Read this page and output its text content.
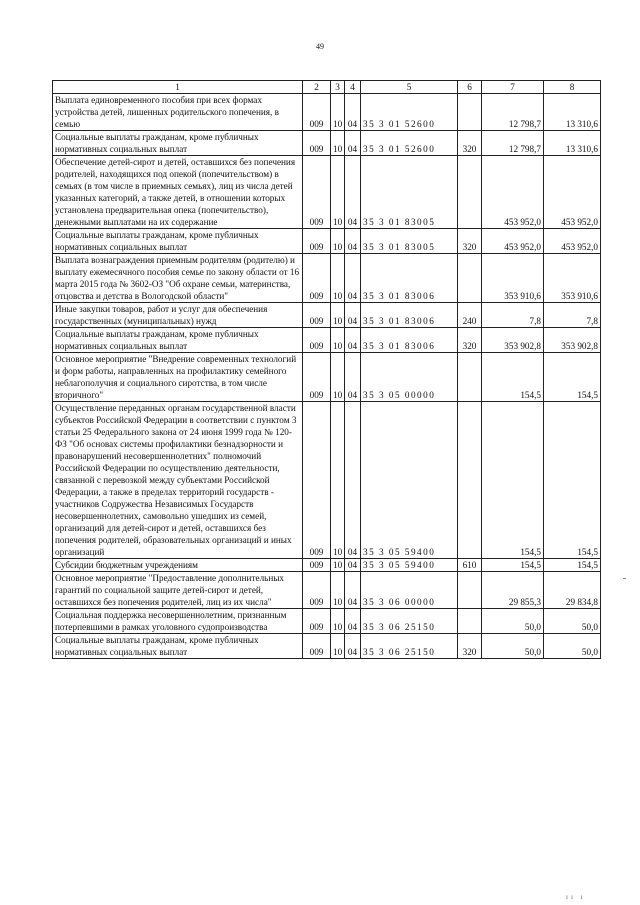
49
1	2	3	4	5	6	7	8
Выплата единовременного пособия при всех формах устройства детей, лишенных родительского попечения, в семью	009	10	04	35 3 01 52600		12 798,7	13 310,6
Социальные выплаты гражданам, кроме публичных нормативных социальных выплат	009	10	04	35 3 01 52600	320	12 798,7	13 310,6
Обеспечение детей-сирот и детей, оставшихся без попечения родителей, находящихся под опекой (попечительством) в семьях (в том числе в приемных семьях), лиц из числа детей указанных категорий, а также детей, в отношении которых установлена предварительная опека (попечительство), денежными выплатами на их содержание	009	10	04	35 3 01 83005		453 952,0	453 952,0
Социальные выплаты гражданам, кроме публичных нормативных социальных выплат	009	10	04	35 3 01 83005	320	453 952,0	453 952,0
Выплата вознаграждения приемным родителям (родителю) и выплату ежемесячного пособия семье по закону области от 16 марта 2015 года № 3602-ОЗ "Об охране семьи, материнства, отцовства и детства в Вологодской области"	009	10	04	35 3 01 83006		353 910,6	353 910,6
Иные закупки товаров, работ и услуг для обеспечения государственных (муниципальных) нужд	009	10	04	35 3 01 83006	240	7,8	7,8
Социальные выплаты гражданам, кроме публичных нормативных социальных выплат	009	10	04	35 3 01 83006	320	353 902,8	353 902,8
Основное мероприятие "Внедрение современных технологий и форм работы, направленных на профилактику семейного неблагополучия и социального сиротства, в том числе вторичного"	009	10	04	35 3 05 00000		154,5	154,5
Осуществление переданных органам государственной власти субъектов Российской Федерации в соответствии с пунктом 3 статьи 25 Федерального закона от 24 июня 1999 года № 120-ФЗ "Об основах системы профилактики безнадзорности и правонарушений несовершеннолетних" полномочий Российской Федерации по осуществлению деятельности, связанной с перевозкой между субъектами Российской Федерации, а также в пределах территорий государств - участников Содружества Независимых Государств несовершеннолетних, самовольно ушедших из семей, организаций для детей-сирот и детей, оставшихся без попечения родителей, образовательных организаций и иных организаций	009	10	04	35 3 05 59400		154,5	154,5
Субсидии бюджетным учреждениям	009	10	04	35 3 05 59400	610	154,5	154,5
Основное мероприятие "Предоставление дополнительных гарантий по социальной защите детей-сирот и детей, оставшихся без попечения родителей, лиц из их числа"	009	10	04	35 3 06 00000		29 855,3	29 834,8
Социальная поддержка несовершеннолетним, признанным потерпевшими в рамках уголовного судопроизводства	009	10	04	35 3 06 25150		50,0	50,0
Социальные выплаты гражданам, кроме публичных нормативных социальных выплат	009	10	04	35 3 06 25150	320	50,0	50,0
ıı ı
